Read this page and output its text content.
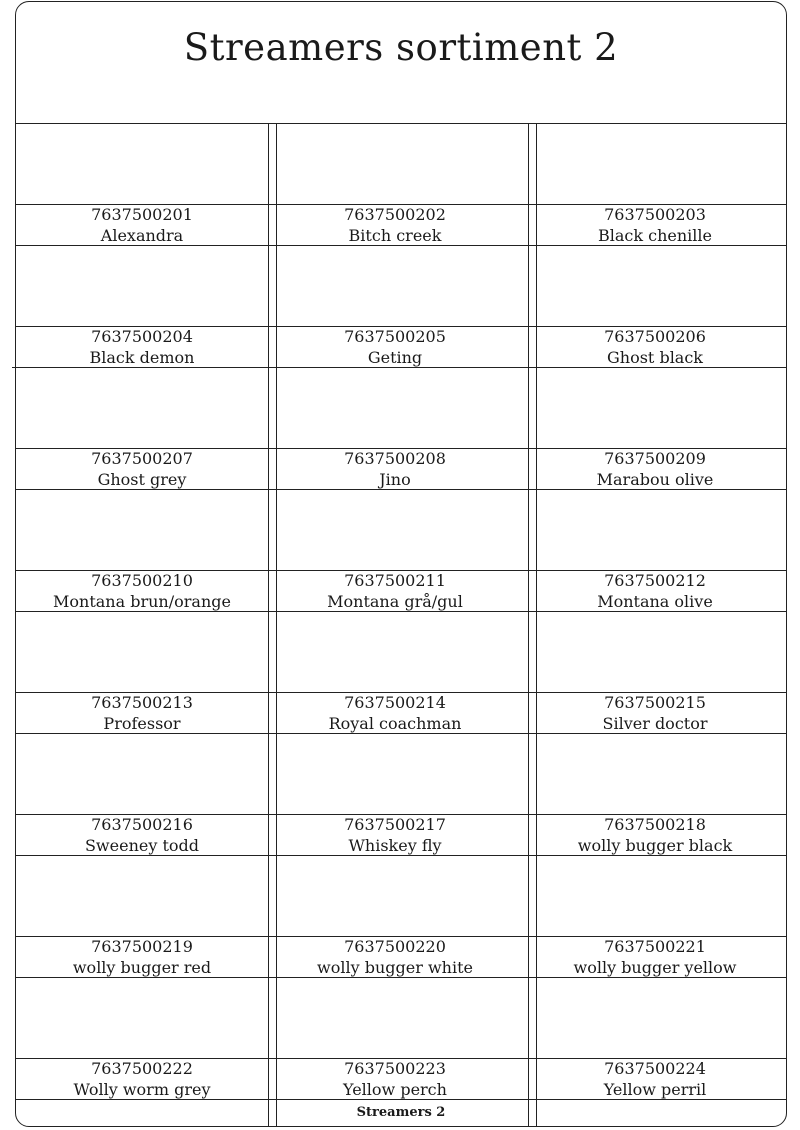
Streamers sortiment 2
7637500201
Alexandra
7637500202
Bitch creek
7637500203
Black chenille
7637500204
Black demon
7637500205
Geting
7637500206
Ghost black
7637500207
Ghost grey
7637500208
Jino
7637500209
Marabou olive
7637500210
Montana brun/orange
7637500211
Montana grå/gul
7637500212
Montana olive
7637500213
Professor
7637500214
Royal coachman
7637500215
Silver doctor
7637500216
Sweeney todd
7637500217
Whiskey fly
7637500218
wolly bugger black
7637500219
wolly bugger red
7637500220
wolly bugger white
7637500221
wolly bugger yellow
7637500222
Wolly worm grey
7637500223
Yellow perch
7637500224
Yellow perril
Streamers 2
